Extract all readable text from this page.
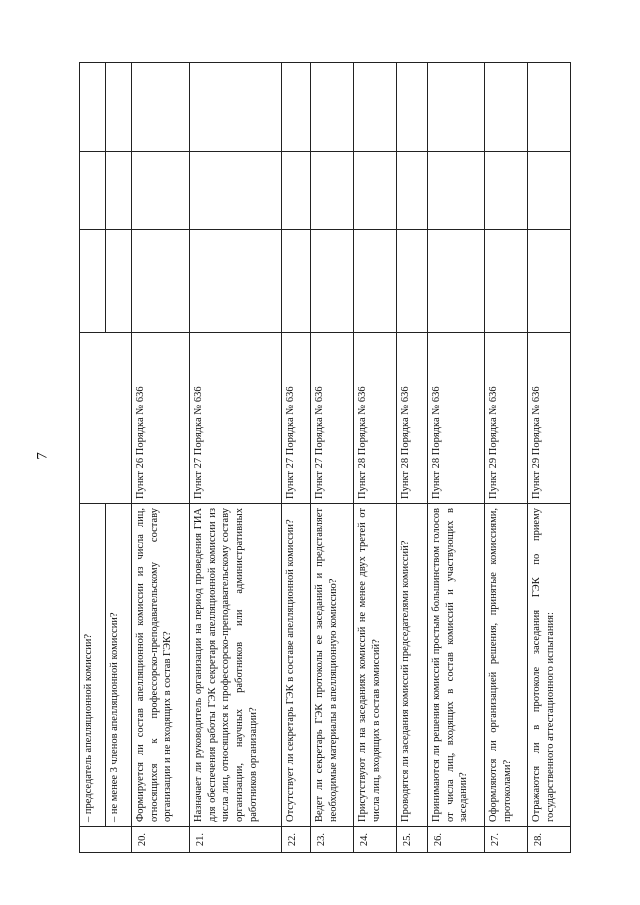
7
	– председатель апелляционной комиссии?				
	– не менее 3 членов апелляционной комиссии?				
20.	Формируется ли состав апелляционной комиссии из числа лиц, относящихся к профессорско-преподавательскому составу организации и не входящих в состав ГЭК?	Пункт 26 Порядка № 636			
21.	Назначает ли руководитель организации на период проведения ГИА для обеспечения работы ГЭК секретаря апелляционной комиссии из числа лиц, относящихся к профессорско-преподавательскому составу организации, научных работников или административных работников организации?	Пункт 27 Порядка № 636			
22.	Отсутствует ли секретарь ГЭК в составе апелляционной комиссии?	Пункт 27 Порядка № 636			
23.	Ведет ли секретарь ГЭК протоколы ее заседаний и представляет необходимые материалы в апелляционную комиссию?	Пункт 27 Порядка № 636			
24.	Присутствуют ли на заседаниях комиссий не менее двух третей от числа лиц, входящих в состав комиссий?	Пункт 28 Порядка № 636			
25.	Проводятся ли заседания комиссий председателями комиссий?	Пункт 28 Порядка № 636			
26.	Принимаются ли решения комиссий простым большинством голосов от числа лиц, входящих в состав комиссий и участвующих в заседании?	Пункт 28 Порядка № 636			
27.	Оформляются ли организацией решения, принятые комиссиями, протоколами?	Пункт 29 Порядка № 636			
28.	Отражаются ли в протоколе заседания ГЭК по приему государственного аттестационного испытания:	Пункт 29 Порядка № 636			
